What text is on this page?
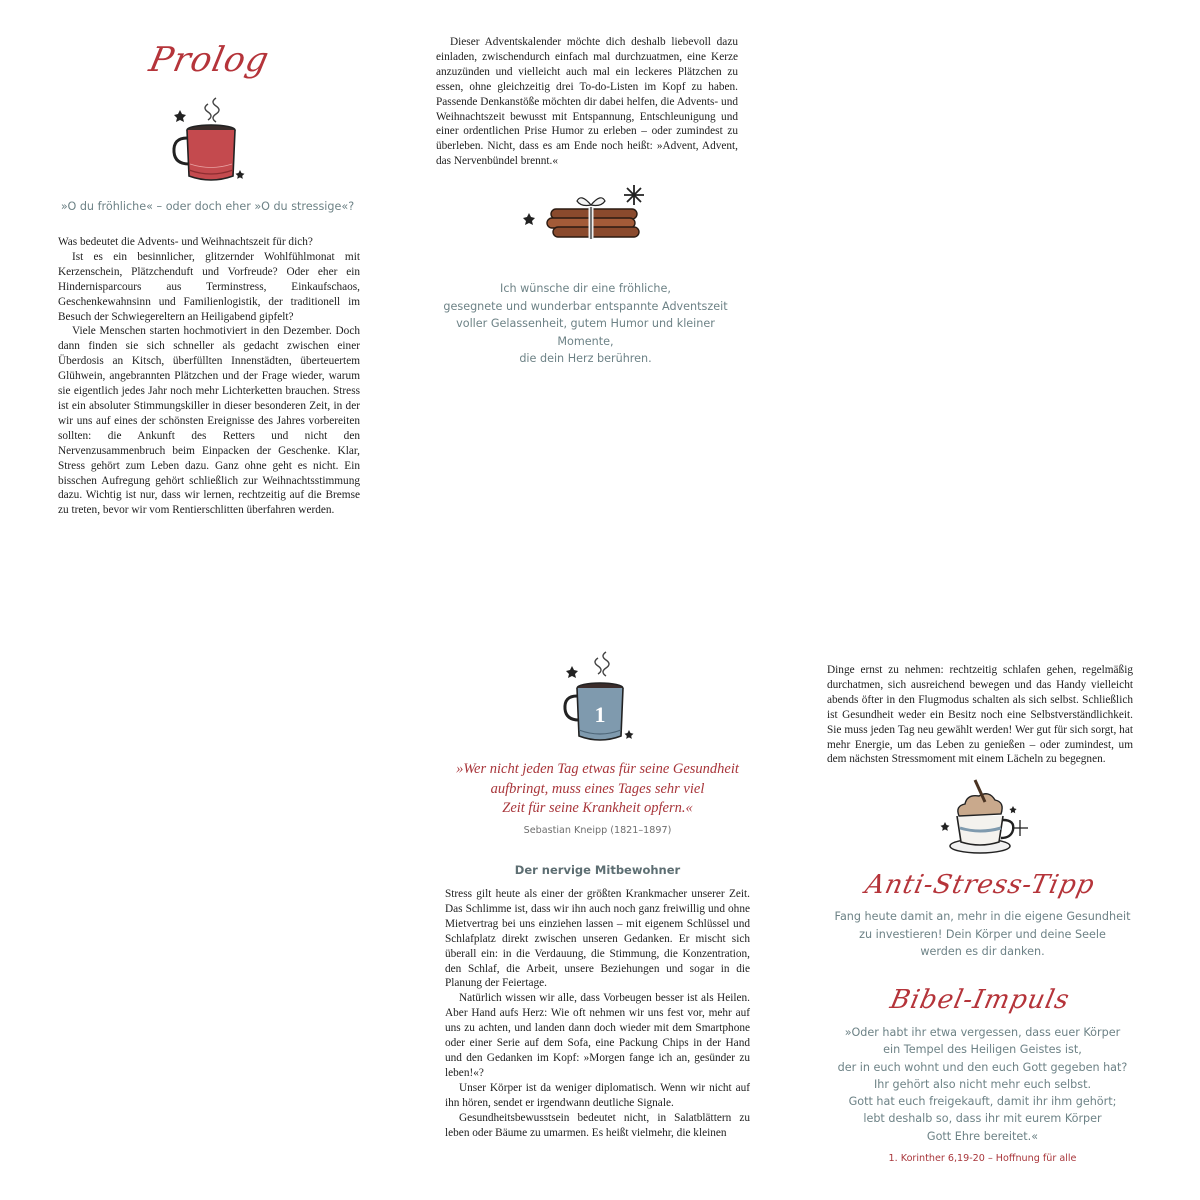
Prolog
»O du fröhliche« – oder doch eher »O du stressige«?

Was bedeutet die Advents- und Weihnachtszeit für dich?

Ist es ein besinnlicher, glitzernder Wohlfühlmonat mit Kerzenschein, Plätzchenduft und Vorfreude? Oder eher ein Hindernisparcours aus Terminstress, Einkaufschaos, Geschenkewahnsinn und Familienlogistik, der traditionell im Besuch der Schwiegereltern an Heiligabend gipfelt?

Viele Menschen starten hochmotiviert in den Dezember. Doch dann finden sie sich schneller als gedacht zwischen einer Überdosis an Kitsch, überfüllten Innenstädten, überteuertem Glühwein, angebrannten Plätzchen und der Frage wieder, warum sie eigentlich jedes Jahr noch mehr Lichterketten brauchen. Stress ist ein absoluter Stimmungskiller in dieser besonderen Zeit, in der wir uns auf eines der schönsten Ereignisse des Jahres vorbereiten sollten: die Ankunft des Retters und nicht den Nervenzusammenbruch beim Einpacken der Geschenke. Klar, Stress gehört zum Leben dazu. Ganz ohne geht es nicht. Ein bisschen Aufregung gehört schließlich zur Weihnachtsstimmung dazu. Wichtig ist nur, dass wir lernen, rechtzeitig auf die Bremse zu treten, bevor wir vom Rentierschlitten überfahren werden.

Dieser Adventskalender möchte dich deshalb liebevoll dazu einladen, zwischendurch einfach mal durchzuatmen, eine Kerze anzuzünden und vielleicht auch mal ein leckeres Plätzchen zu essen, ohne gleichzeitig drei To-do-Listen im Kopf zu haben. Passende Denkanstöße möchten dir dabei helfen, die Advents- und Weihnachtszeit bewusst mit Entspannung, Entschleunigung und einer ordentlichen Prise Humor zu erleben – oder zumindest zu überleben. Nicht, dass es am Ende noch heißt: »Advent, Advent, das Nervenbündel brennt.«

Ich wünsche dir eine fröhliche,
gesegnete und wunderbar entspannte Adventszeit
voller Gelassenheit, gutem Humor und kleiner Momente,
die dein Herz berühren.
1
»Wer nicht jeden Tag etwas für seine Gesundheit
aufbringt, muss eines Tages sehr viel
Zeit für seine Krankheit opfern.«
Sebastian Kneipp (1821–1897)
Der nervige Mitbewohner

Stress gilt heute als einer der größten Krankmacher unserer Zeit. Das Schlimme ist, dass wir ihn auch noch ganz freiwillig und ohne Mietvertrag bei uns einziehen lassen – mit eigenem Schlüssel und Schlafplatz direkt zwischen unseren Gedanken. Er mischt sich überall ein: in die Verdauung, die Stimmung, die Konzentration, den Schlaf, die Arbeit, unsere Beziehungen und sogar in die Planung der Feiertage.

Natürlich wissen wir alle, dass Vorbeugen besser ist als Heilen. Aber Hand aufs Herz: Wie oft nehmen wir uns fest vor, mehr auf uns zu achten, und landen dann doch wieder mit dem Smartphone oder einer Serie auf dem Sofa, eine Packung Chips in der Hand und den Gedanken im Kopf: »Morgen fange ich an, gesünder zu leben!«?

Unser Körper ist da weniger diplomatisch. Wenn wir nicht auf ihn hören, sendet er irgendwann deutliche Signale.

Gesundheitsbewusstsein bedeutet nicht, in Salatblättern zu leben oder Bäume zu umarmen. Es heißt vielmehr, die kleinen

Dinge ernst zu nehmen: rechtzeitig schlafen gehen, regelmäßig durchatmen, sich ausreichend bewegen und das Handy vielleicht abends öfter in den Flugmodus schalten als sich selbst. Schließlich ist Gesundheit weder ein Besitz noch eine Selbstverständlichkeit. Sie muss jeden Tag neu gewählt werden! Wer gut für sich sorgt, hat mehr Energie, um das Leben zu genießen – oder zumindest, um dem nächsten Stressmoment mit einem Lächeln zu begegnen.

Anti-Stress-Tipp
Fang heute damit an, mehr in die eigene Gesundheit
zu investieren! Dein Körper und deine Seele
werden es dir danken.
Bibel-Impuls
»Oder habt ihr etwa vergessen, dass euer Körper
ein Tempel des Heiligen Geistes ist,
der in euch wohnt und den euch Gott gegeben hat?
Ihr gehört also nicht mehr euch selbst.
Gott hat euch freigekauft, damit ihr ihm gehört;
lebt deshalb so, dass ihr mit eurem Körper
Gott Ehre bereitet.«
1. Korinther 6,19-20 – Hoffnung für alle
